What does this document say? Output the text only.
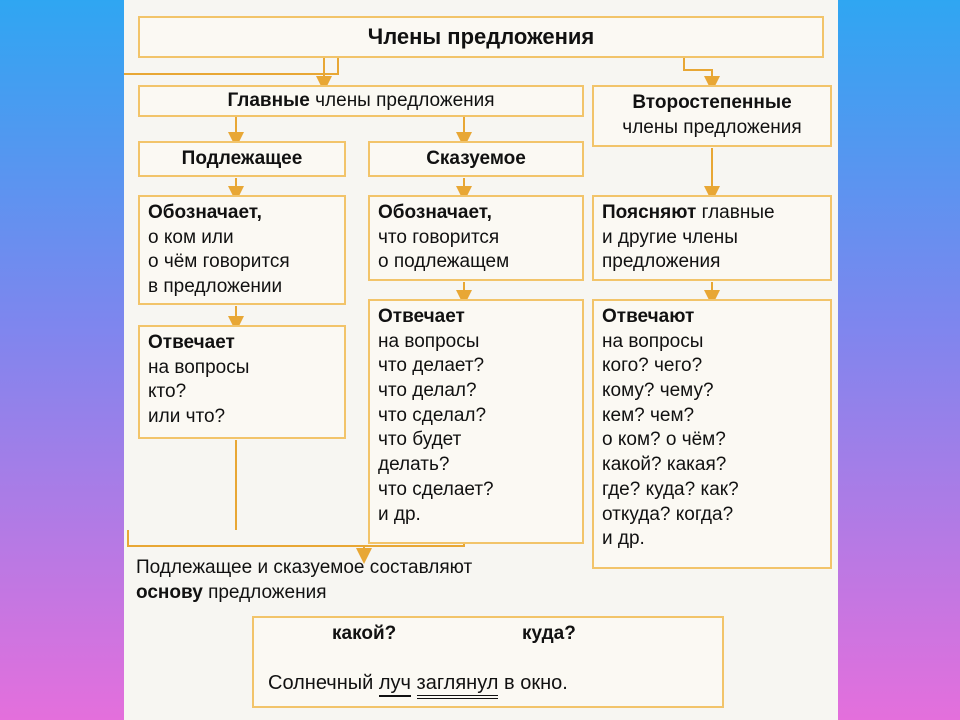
Члены предложения
Главные члены предложения	Второстепенные
члены предложения
Подлежащее	Сказуемое
Обозначает,
о ком или
о чём говорится
в предложении
Обозначает,
что говорится
о подлежащем
Поясняют главные
и другие члены
предложения
Отвечает
на вопросы
кто?
или что?
Отвечает
на вопросы
что делает?
что делал?
что сделал?
что будет
делать?
что сделает?
и др.
Отвечают
на вопросы
кого? чего?
кому? чему?
кем? чем?
о ком? о чём?
какой? какая?
где? куда? как?
откуда? когда?
и др.
Подлежащее и сказуемое составляют
основу предложения
какой?	куда?
Солнечный луч заглянул в окно.
